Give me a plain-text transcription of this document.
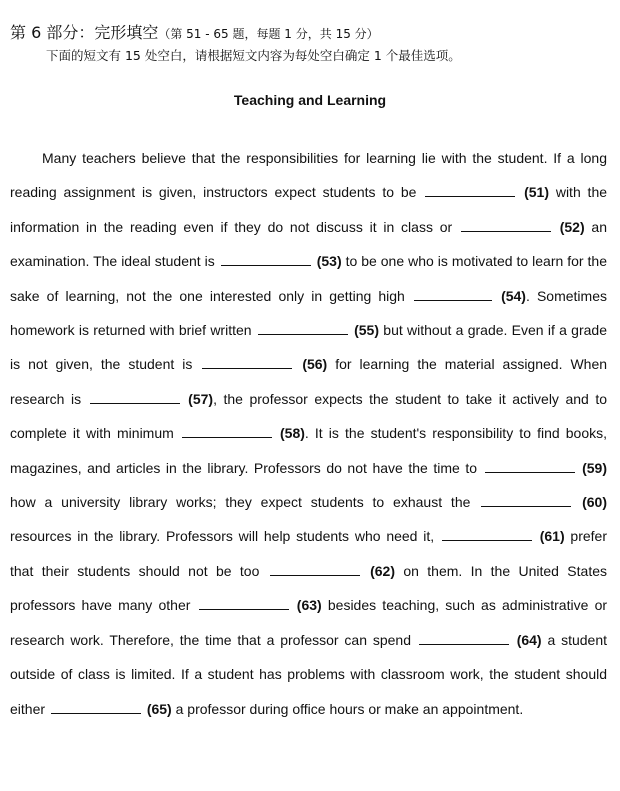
第 6 部分：完形填空（第 51 - 65 题，每题 1 分，共 15 分）
下面的短文有 15 处空白，请根据短文内容为每处空白确定 1 个最佳选项。
Teaching and Learning

Many teachers believe that the responsibilities for learning lie with the student. If a long reading assignment is given, instructors expect students to be	(51) with the information in the reading even if they do not discuss it in class or	(52) an examination. The ideal student is	(53) to be one who is motivated to learn for the sake of learning, not the one interested only in getting high	(54). Sometimes homework is returned with brief written	(55) but without a grade. Even if a grade is not given, the student is	(56) for learning the material assigned. When research is	(57), the professor expects the student to take it actively and to complete it with minimum	(58). It is the student's responsibility to find books, magazines, and articles in the library. Professors do not have the time to	(59) how a university library works; they expect students to exhaust the	(60) resources in the library. Professors will help students who need it,	(61) prefer that their students should not be too	(62) on them. In the United States professors have many other	(63) besides teaching, such as administrative or research work. Therefore, the time that a professor can spend	(64) a student outside of class is limited. If a student has problems with classroom work, the student should either	(65) a professor during office hours or make an appointment.
